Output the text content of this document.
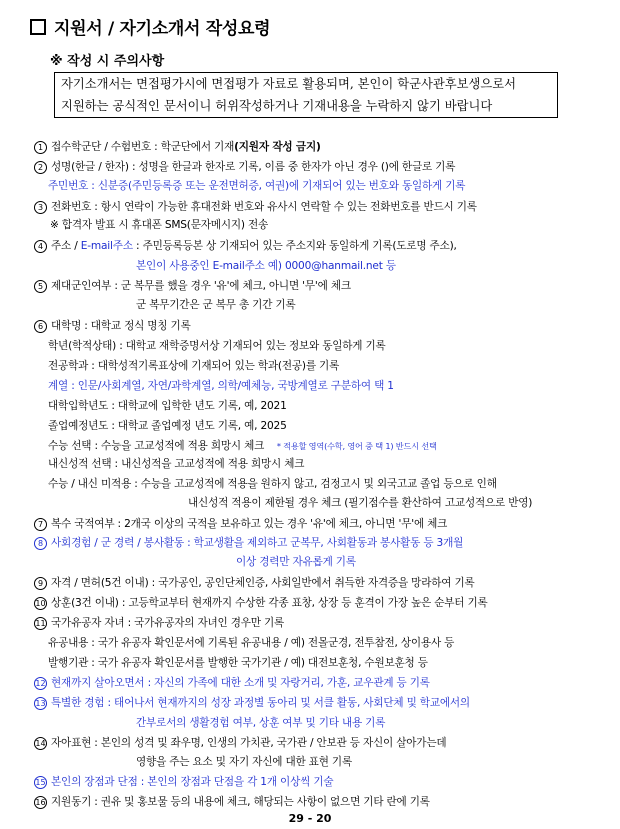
지원서 / 자기소개서 작성요령
※ 작성 시 주의사항
자기소개서는 면접평가시에 면접평가 자료로 활용되며, 본인이 학군사관후보생으로서
지원하는 공식적인 문서이니 허위작성하거나 기재내용을 누락하지 않기 바랍니다
1 접수학군단 / 수험번호 : 학군단에서 기재(지원자 작성 금지)
2 성명(한글 / 한자) : 성명을 한글과 한자로 기록, 이름 중 한자가 아닌 경우 ()에 한글로 기록
주민번호 : 신분증(주민등록증 또는 운전면허증, 여권)에 기재되어 있는 번호와 동일하게 기록
3 전화번호 : 항시 연락이 가능한 휴대전화 번호와 유사시 연락할 수 있는 전화번호를 반드시 기록
※ 합격자 발표 시 휴대폰 SMS(문자메시지) 전송
4 주소 / E-mail주소 : 주민등록등본 상 기재되어 있는 주소지와 동일하게 기록(도로명 주소),
본인이 사용중인 E-mail주소 예) 0000@hanmail.net 등
5 제대군인여부 : 군 복무를 했을 경우 '유'에 체크, 아니면 '무'에 체크
군 복무기간은 군 복무 총 기간 기록
6 대학명 : 대학교 정식 명칭 기록
학년(학적상태) : 대학교 재학증명서상 기재되어 있는 정보와 동일하게 기록
전공학과 : 대학성적기록표상에 기재되어 있는 학과(전공)를 기록
계열 : 인문/사회계열, 자연/과학계열, 의학/예체능, 국방계열로 구분하여 택 1
대학입학년도 : 대학교에 입학한 년도 기록, 예, 2021
졸업예정년도 : 대학교 졸업예정 년도 기록, 예, 2025
수능 선택 : 수능을 고교성적에 적용 희망시 체크 * 적용할 영역(수학, 영어 중 택 1) 반드시 선택
내신성적 선택 : 내신성적을 고교성적에 적용 희망시 체크
수능 / 내신 미적용 : 수능을 고교성적에 적용을 원하지 않고, 검정고시 및 외국고교 졸업 등으로 인해
내신성적 적용이 제한될 경우 체크 (필기점수를 환산하여 고교성적으로 반영)
7 복수 국적여부 : 2개국 이상의 국적을 보유하고 있는 경우 '유'에 체크, 아니면 '무'에 체크
8 사회경험 / 군 경력 / 봉사활동 : 학교생활을 제외하고 군복무, 사회활동과 봉사활동 등 3개월
이상 경력만 자유롭게 기록
9 자격 / 면허(5건 이내) : 국가공인, 공인단체인증, 사회일반에서 취득한 자격증을 망라하여 기록
10 상훈(3건 이내) : 고등학교부터 현재까지 수상한 각종 표창, 상장 등 훈격이 가장 높은 순부터 기록
11 국가유공자 자녀 : 국가유공자의 자녀인 경우만 기록
유공내용 : 국가 유공자 확인문서에 기록된 유공내용 / 예) 전몰군경, 전투참전, 상이용사 등
발행기관 : 국가 유공자 확인문서를 발행한 국가기관 / 예) 대전보훈청, 수원보훈청 등
12 현재까지 살아오면서 : 자신의 가족에 대한 소개 및 자랑거리, 가훈, 교우관계 등 기록
13 특별한 경험 : 태어나서 현재까지의 성장 과정별 동아리 및 서클 활동, 사회단체 및 학교에서의
간부로서의 생활경험 여부, 상훈 여부 및 기타 내용 기록
14 자아표현 : 본인의 성격 및 좌우명, 인생의 가치관, 국가관 / 안보관 등 자신이 살아가는데
영향을 주는 요소 및 자기 자신에 대한 표현 기록
15 본인의 장점과 단점 : 본인의 장점과 단점을 각 1개 이상씩 기술
16 지원동기 : 권유 및 홍보물 등의 내용에 체크, 해당되는 사항이 없으면 기타 란에 기록
29 - 20
